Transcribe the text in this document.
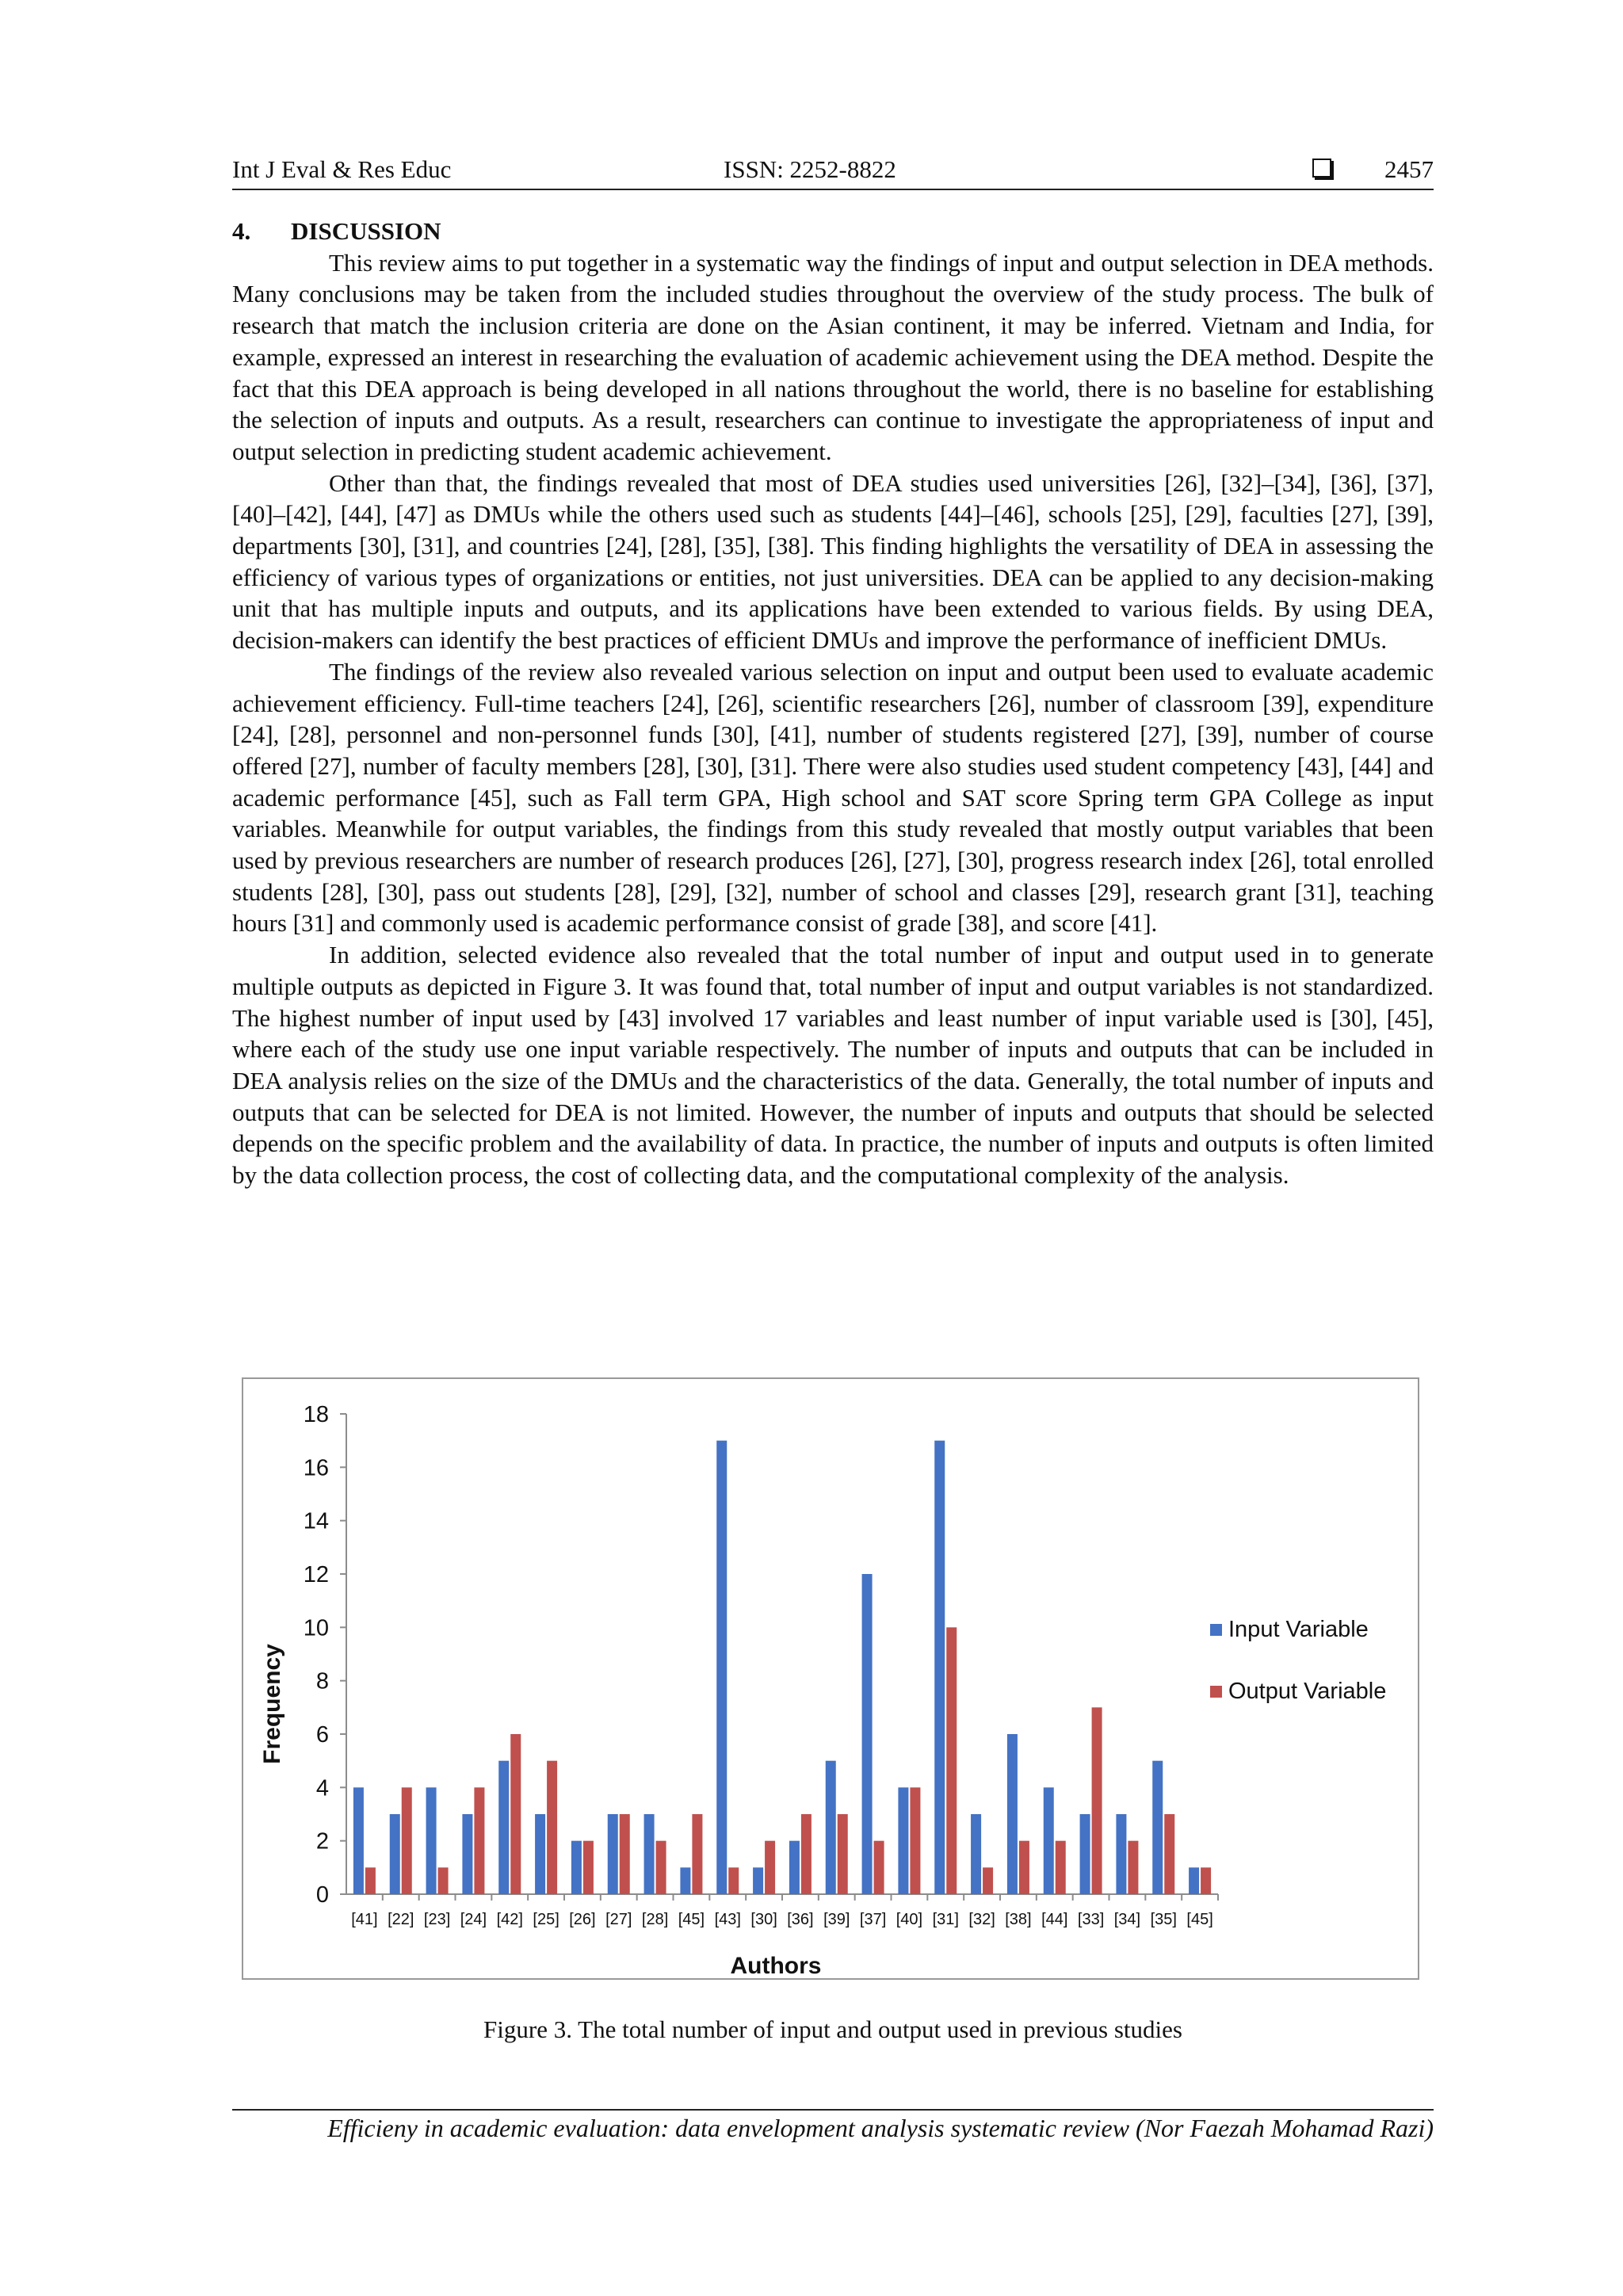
Int J Eval & Res Educ	ISSN: 2252-8822	2457

4. DISCUSSION

This review aims to put together in a systematic way the findings of input and output selection in DEA methods. Many conclusions may be taken from the included studies throughout the overview of the study process. The bulk of research that match the inclusion criteria are done on the Asian continent, it may be inferred. Vietnam and India, for example, expressed an interest in researching the evaluation of academic achievement using the DEA method. Despite the fact that this DEA approach is being developed in all nations throughout the world, there is no baseline for establishing the selection of inputs and outputs. As a result, researchers can continue to investigate the appropriateness of input and output selection in predicting student academic achievement.

Other than that, the findings revealed that most of DEA studies used universities [26], [32]–[34], [36], [37], [40]–[42], [44], [47] as DMUs while the others used such as students [44]–[46], schools [25], [29], faculties [27], [39], departments [30], [31], and countries [24], [28], [35], [38]. This finding highlights the versatility of DEA in assessing the efficiency of various types of organizations or entities, not just universities. DEA can be applied to any decision-making unit that has multiple inputs and outputs, and its applications have been extended to various fields. By using DEA, decision-makers can identify the best practices of efficient DMUs and improve the performance of inefficient DMUs.

The findings of the review also revealed various selection on input and output been used to evaluate academic achievement efficiency. Full-time teachers [24], [26], scientific researchers [26], number of classroom [39], expenditure [24], [28], personnel and non-personnel funds [30], [41], number of students registered [27], [39], number of course offered [27], number of faculty members [28], [30], [31]. There were also studies used student competency [43], [44] and academic performance [45], such as Fall term GPA, High school and SAT score Spring term GPA College as input variables. Meanwhile for output variables, the findings from this study revealed that mostly output variables that been used by previous researchers are number of research produces [26], [27], [30], progress research index [26], total enrolled students [28], [30], pass out students [28], [29], [32], number of school and classes [29], research grant [31], teaching hours [31] and commonly used is academic performance consist of grade [38], and score [41].

In addition, selected evidence also revealed that the total number of input and output used in to generate multiple outputs as depicted in Figure 3. It was found that, total number of input and output variables is not standardized. The highest number of input used by [43] involved 17 variables and least number of input variable used is [30], [45], where each of the study use one input variable respectively. The number of inputs and outputs that can be included in DEA analysis relies on the size of the DMUs and the characteristics of the data. Generally, the total number of inputs and outputs that can be selected for DEA is not limited. However, the number of inputs and outputs that should be selected depends on the specific problem and the availability of data. In practice, the number of inputs and outputs is often limited by the data collection process, the cost of collecting data, and the computational complexity of the analysis.

0
2
4
6
8
10
12
14
16
18
[41] [22] [23] [24] [42] [25] [26] [27] [28] [45] [43] [30] [36] [39] [37] [40] [31] [32] [38] [44] [33] [34] [35] [45]
Frequency
Authors
Input Variable
Output Variable
Figure 3. The total number of input and output used in previous studies
Efficieny in academic evaluation: data envelopment analysis systematic review (Nor Faezah Mohamad Razi)
